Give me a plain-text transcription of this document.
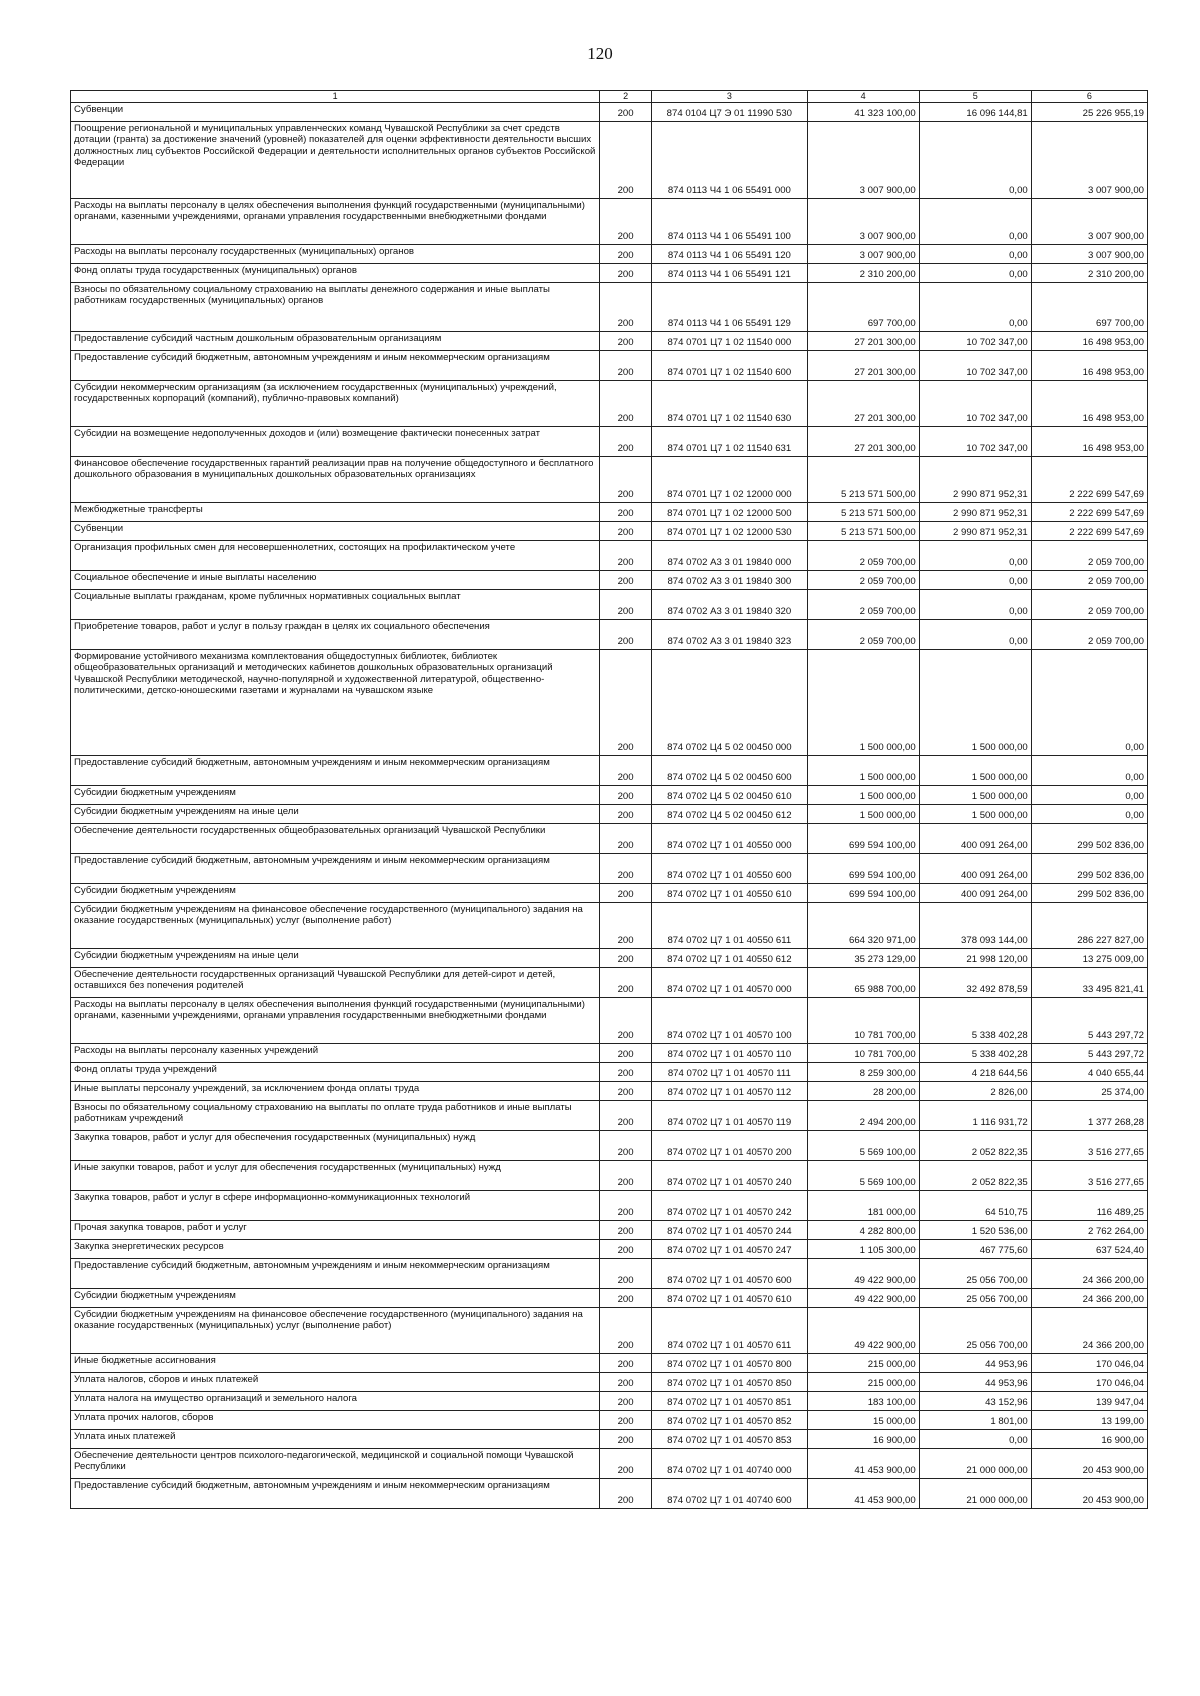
120
1	2	3	4	5	6
Субвенции	200	874 0104 Ц7 Э 01 11990 530	41 323 100,00	16 096 144,81	25 226 955,19
Поощрение региональной и муниципальных управленческих команд Чувашской Республики за счет средств дотации (гранта) за достижение значений (уровней) показателей для оценки эффективности деятельности высших должностных лиц субъектов Российской Федерации и деятельности исполнительных органов субъектов Российской Федерации	200	874 0113 Ч4 1 06 55491 000	3 007 900,00	0,00	3 007 900,00
Расходы на выплаты персоналу в целях обеспечения выполнения функций государственными (муниципальными) органами, казенными учреждениями, органами управления государственными внебюджетными фондами	200	874 0113 Ч4 1 06 55491 100	3 007 900,00	0,00	3 007 900,00
Расходы на выплаты персоналу государственных (муниципальных) органов	200	874 0113 Ч4 1 06 55491 120	3 007 900,00	0,00	3 007 900,00
Фонд оплаты труда государственных (муниципальных) органов	200	874 0113 Ч4 1 06 55491 121	2 310 200,00	0,00	2 310 200,00
Взносы по обязательному социальному страхованию на выплаты денежного содержания и иные выплаты работникам государственных (муниципальных) органов	200	874 0113 Ч4 1 06 55491 129	697 700,00	0,00	697 700,00
Предоставление субсидий частным дошкольным образовательным организациям	200	874 0701 Ц7 1 02 11540 000	27 201 300,00	10 702 347,00	16 498 953,00
Предоставление субсидий бюджетным, автономным учреждениям и иным некоммерческим организациям	200	874 0701 Ц7 1 02 11540 600	27 201 300,00	10 702 347,00	16 498 953,00
Субсидии некоммерческим организациям (за исключением государственных (муниципальных) учреждений, государственных корпораций (компаний), публично-правовых компаний)	200	874 0701 Ц7 1 02 11540 630	27 201 300,00	10 702 347,00	16 498 953,00
Субсидии на возмещение недополученных доходов и (или) возмещение фактически понесенных затрат	200	874 0701 Ц7 1 02 11540 631	27 201 300,00	10 702 347,00	16 498 953,00
Финансовое обеспечение государственных гарантий реализации прав на получение общедоступного и бесплатного дошкольного образования в муниципальных дошкольных образовательных организациях	200	874 0701 Ц7 1 02 12000 000	5 213 571 500,00	2 990 871 952,31	2 222 699 547,69
Межбюджетные трансферты	200	874 0701 Ц7 1 02 12000 500	5 213 571 500,00	2 990 871 952,31	2 222 699 547,69
Субвенции	200	874 0701 Ц7 1 02 12000 530	5 213 571 500,00	2 990 871 952,31	2 222 699 547,69
Организация профильных смен для несовершеннолетних, состоящих на профилактическом учете	200	874 0702 А3 3 01 19840 000	2 059 700,00	0,00	2 059 700,00
Социальное обеспечение и иные выплаты населению	200	874 0702 А3 3 01 19840 300	2 059 700,00	0,00	2 059 700,00
Социальные выплаты гражданам, кроме публичных нормативных социальных выплат	200	874 0702 А3 3 01 19840 320	2 059 700,00	0,00	2 059 700,00
Приобретение товаров, работ и услуг в пользу граждан в целях их социального обеспечения	200	874 0702 А3 3 01 19840 323	2 059 700,00	0,00	2 059 700,00
Формирование устойчивого механизма комплектования общедоступных библиотек, библиотек общеобразовательных организаций и методических кабинетов дошкольных образовательных организаций Чувашской Республики методической, научно-популярной и художественной литературой, общественно-политическими, детско-юношескими газетами и журналами на чувашском языке	200	874 0702 Ц4 5 02 00450 000	1 500 000,00	1 500 000,00	0,00
Предоставление субсидий бюджетным, автономным учреждениям и иным некоммерческим организациям	200	874 0702 Ц4 5 02 00450 600	1 500 000,00	1 500 000,00	0,00
Субсидии бюджетным учреждениям	200	874 0702 Ц4 5 02 00450 610	1 500 000,00	1 500 000,00	0,00
Субсидии бюджетным учреждениям на иные цели	200	874 0702 Ц4 5 02 00450 612	1 500 000,00	1 500 000,00	0,00
Обеспечение деятельности государственных общеобразовательных организаций Чувашской Республики	200	874 0702 Ц7 1 01 40550 000	699 594 100,00	400 091 264,00	299 502 836,00
Предоставление субсидий бюджетным, автономным учреждениям и иным некоммерческим организациям	200	874 0702 Ц7 1 01 40550 600	699 594 100,00	400 091 264,00	299 502 836,00
Субсидии бюджетным учреждениям	200	874 0702 Ц7 1 01 40550 610	699 594 100,00	400 091 264,00	299 502 836,00
Субсидии бюджетным учреждениям на финансовое обеспечение государственного (муниципального) задания на оказание государственных (муниципальных) услуг (выполнение работ)	200	874 0702 Ц7 1 01 40550 611	664 320 971,00	378 093 144,00	286 227 827,00
Субсидии бюджетным учреждениям на иные цели	200	874 0702 Ц7 1 01 40550 612	35 273 129,00	21 998 120,00	13 275 009,00
Обеспечение деятельности государственных организаций Чувашской Республики для детей-сирот и детей, оставшихся без попечения родителей	200	874 0702 Ц7 1 01 40570 000	65 988 700,00	32 492 878,59	33 495 821,41
Расходы на выплаты персоналу в целях обеспечения выполнения функций государственными (муниципальными) органами, казенными учреждениями, органами управления государственными внебюджетными фондами	200	874 0702 Ц7 1 01 40570 100	10 781 700,00	5 338 402,28	5 443 297,72
Расходы на выплаты персоналу казенных учреждений	200	874 0702 Ц7 1 01 40570 110	10 781 700,00	5 338 402,28	5 443 297,72
Фонд оплаты труда учреждений	200	874 0702 Ц7 1 01 40570 111	8 259 300,00	4 218 644,56	4 040 655,44
Иные выплаты персоналу учреждений, за исключением фонда оплаты труда	200	874 0702 Ц7 1 01 40570 112	28 200,00	2 826,00	25 374,00
Взносы по обязательному социальному страхованию на выплаты по оплате труда работников и иные выплаты работникам учреждений	200	874 0702 Ц7 1 01 40570 119	2 494 200,00	1 116 931,72	1 377 268,28
Закупка товаров, работ и услуг для обеспечения государственных (муниципальных) нужд	200	874 0702 Ц7 1 01 40570 200	5 569 100,00	2 052 822,35	3 516 277,65
Иные закупки товаров, работ и услуг для обеспечения государственных (муниципальных) нужд	200	874 0702 Ц7 1 01 40570 240	5 569 100,00	2 052 822,35	3 516 277,65
Закупка товаров, работ и услуг в сфере информационно-коммуникационных технологий	200	874 0702 Ц7 1 01 40570 242	181 000,00	64 510,75	116 489,25
Прочая закупка товаров, работ и услуг	200	874 0702 Ц7 1 01 40570 244	4 282 800,00	1 520 536,00	2 762 264,00
Закупка энергетических ресурсов	200	874 0702 Ц7 1 01 40570 247	1 105 300,00	467 775,60	637 524,40
Предоставление субсидий бюджетным, автономным учреждениям и иным некоммерческим организациям	200	874 0702 Ц7 1 01 40570 600	49 422 900,00	25 056 700,00	24 366 200,00
Субсидии бюджетным учреждениям	200	874 0702 Ц7 1 01 40570 610	49 422 900,00	25 056 700,00	24 366 200,00
Субсидии бюджетным учреждениям на финансовое обеспечение государственного (муниципального) задания на оказание государственных (муниципальных) услуг (выполнение работ)	200	874 0702 Ц7 1 01 40570 611	49 422 900,00	25 056 700,00	24 366 200,00
Иные бюджетные ассигнования	200	874 0702 Ц7 1 01 40570 800	215 000,00	44 953,96	170 046,04
Уплата налогов, сборов и иных платежей	200	874 0702 Ц7 1 01 40570 850	215 000,00	44 953,96	170 046,04
Уплата налога на имущество организаций и земельного налога	200	874 0702 Ц7 1 01 40570 851	183 100,00	43 152,96	139 947,04
Уплата прочих налогов, сборов	200	874 0702 Ц7 1 01 40570 852	15 000,00	1 801,00	13 199,00
Уплата иных платежей	200	874 0702 Ц7 1 01 40570 853	16 900,00	0,00	16 900,00
Обеспечение деятельности центров психолого-педагогической, медицинской и социальной помощи Чувашской Республики	200	874 0702 Ц7 1 01 40740 000	41 453 900,00	21 000 000,00	20 453 900,00
Предоставление субсидий бюджетным, автономным учреждениям и иным некоммерческим организациям	200	874 0702 Ц7 1 01 40740 600	41 453 900,00	21 000 000,00	20 453 900,00
